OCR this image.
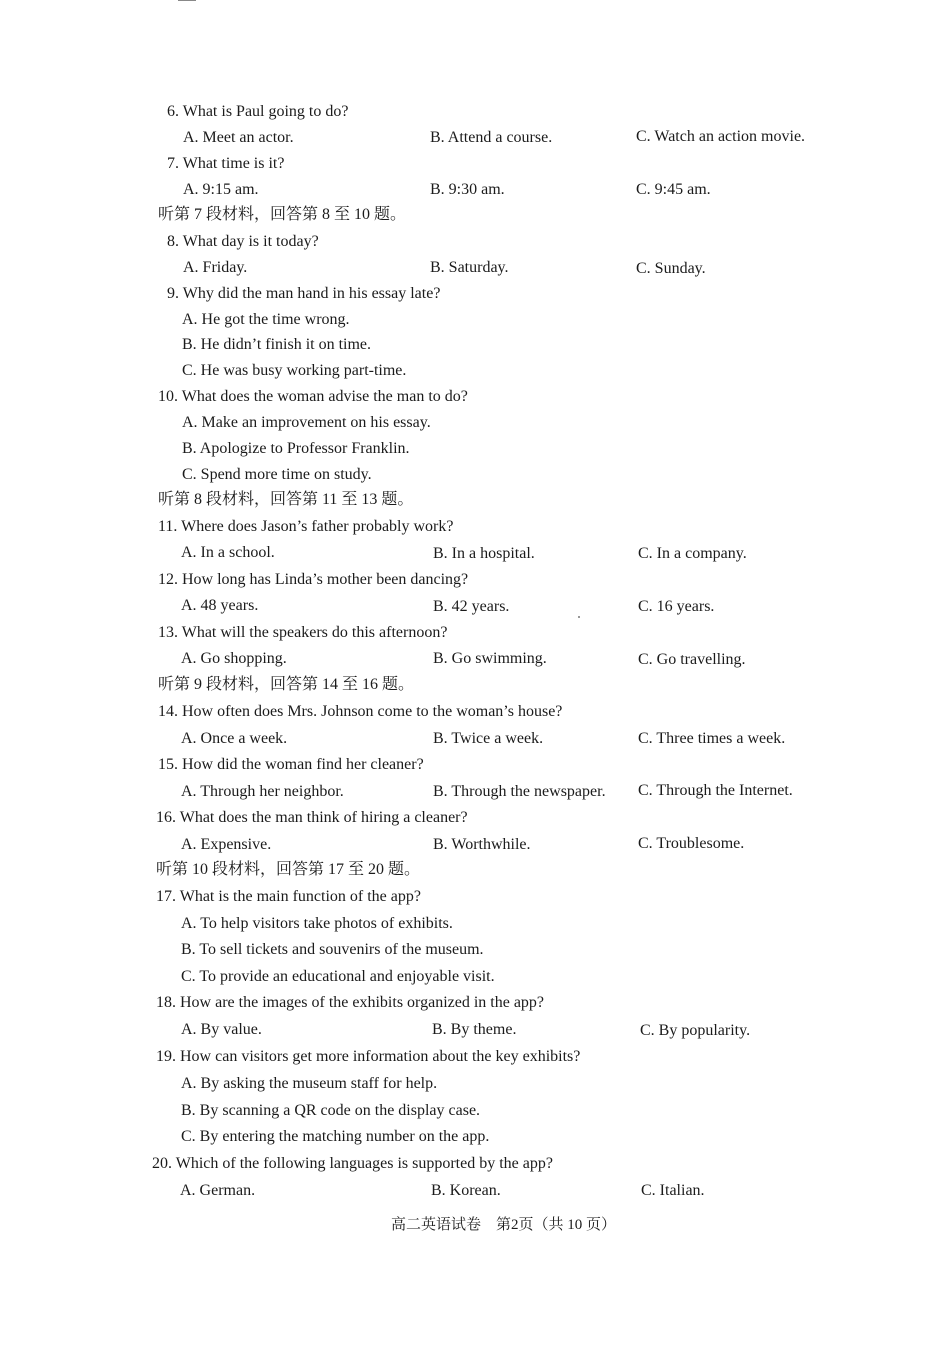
6. What is Paul going to do?
A. Meet an actor.	B. Attend a course.	C. Watch an action movie.
7. What time is it?
A. 9:15 am.	B. 9:30 am.	C. 9:45 am.
听第 7 段材料，回答第 8 至 10 题。
8. What day is it today?
A. Friday.	B. Saturday.	C. Sunday.
9. Why did the man hand in his essay late?
A. He got the time wrong.
B. He didn’t finish it on time.
C. He was busy working part-time.
10. What does the woman advise the man to do?
A. Make an improvement on his essay.
B. Apologize to Professor Franklin.
C. Spend more time on study.
听第 8 段材料，回答第 11 至 13 题。
11. Where does Jason’s father probably work?
A. In a school.	B. In a hospital.	C. In a company.
12. How long has Linda’s mother been dancing?
A. 48 years.	B. 42 years.	C. 16 years.
13. What will the speakers do this afternoon?
A. Go shopping.	B. Go swimming.	C. Go travelling.
听第 9 段材料，回答第 14 至 16 题。
14. How often does Mrs. Johnson come to the woman’s house?
A. Once a week.	B. Twice a week.	C. Three times a week.
15. How did the woman find her cleaner?
A. Through her neighbor.	B. Through the newspaper. C. Through the Internet.
16. What does the man think of hiring a cleaner?
A. Expensive.	B. Worthwhile.	C. Troublesome.
听第 10 段材料，回答第 17 至 20 题。
17. What is the main function of the app?
A. To help visitors take photos of exhibits.
B. To sell tickets and souvenirs of the museum.
C. To provide an educational and enjoyable visit.
18. How are the images of the exhibits organized in the app?
A. By value.	B. By theme.	C. By popularity.
19. How can visitors get more information about the key exhibits?
A. By asking the museum staff for help.
B. By scanning a QR code on the display case.
C. By entering the matching number on the app.
20. Which of the following languages is supported by the app?
A. German.	B. Korean.	C. Italian.
高二英语试卷　第2页（共 10 页）
